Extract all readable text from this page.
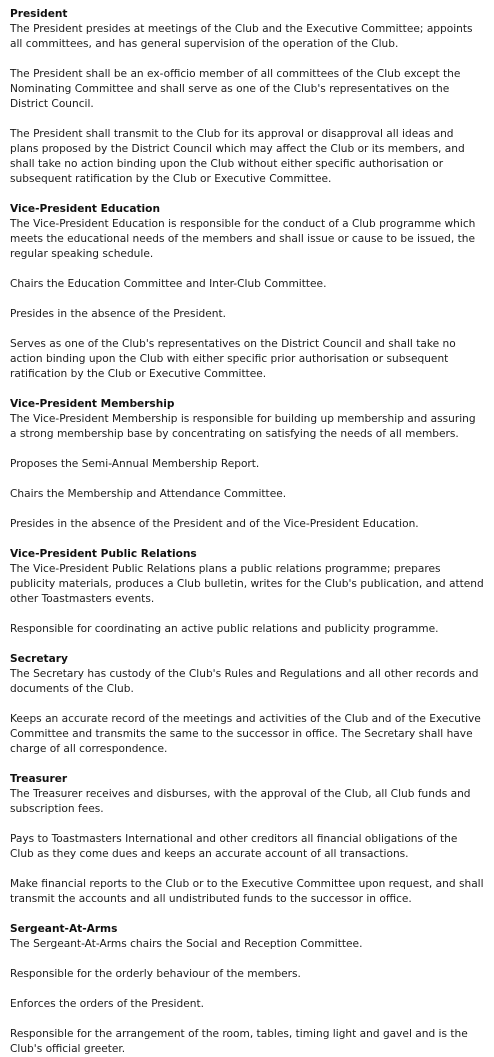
President

The President presides at meetings of the Club and the Executive Committee; appoints all committees, and has general supervision of the operation of the Club.

The President shall be an ex-officio member of all committees of the Club except the Nominating Committee and shall serve as one of the Club's representatives on the District Council.

The President shall transmit to the Club for its approval or disapproval all ideas and plans proposed by the District Council which may affect the Club or its members, and shall take no action binding upon the Club without either specific authorisation or subsequent ratification by the Club or Executive Committee.

Vice-President Education

The Vice-President Education is responsible for the conduct of a Club programme which meets the educational needs of the members and shall issue or cause to be issued, the regular speaking schedule.

Chairs the Education Committee and Inter-Club Committee.

Presides in the absence of the President.

Serves as one of the Club's representatives on the District Council and shall take no action binding upon the Club with either specific prior authorisation or subsequent ratification by the Club or Executive Committee.

Vice-President Membership

The Vice-President Membership is responsible for building up membership and assuring a strong membership base by concentrating on satisfying the needs of all members.

Proposes the Semi-Annual Membership Report.

Chairs the Membership and Attendance Committee.

Presides in the absence of the President and of the Vice-President Education.

Vice-President Public Relations

The Vice-President Public Relations plans a public relations programme; prepares publicity materials, produces a Club bulletin, writes for the Club's publication, and attend other Toastmasters events.

Responsible for coordinating an active public relations and publicity programme.

Secretary

The Secretary has custody of the Club's Rules and Regulations and all other records and documents of the Club.

Keeps an accurate record of the meetings and activities of the Club and of the Executive Committee and transmits the same to the successor in office. The Secretary shall have charge of all correspondence.

Treasurer

The Treasurer receives and disburses, with the approval of the Club, all Club funds and subscription fees.

Pays to Toastmasters International and other creditors all financial obligations of the Club as they come dues and keeps an accurate account of all transactions.

Make financial reports to the Club or to the Executive Committee upon request, and shall transmit the accounts and all undistributed funds to the successor in office.

Sergeant-At-Arms

The Sergeant-At-Arms chairs the Social and Reception Committee.

Responsible for the orderly behaviour of the members.

Enforces the orders of the President.

Responsible for the arrangement of the room, tables, timing light and gavel and is the Club's official greeter.
